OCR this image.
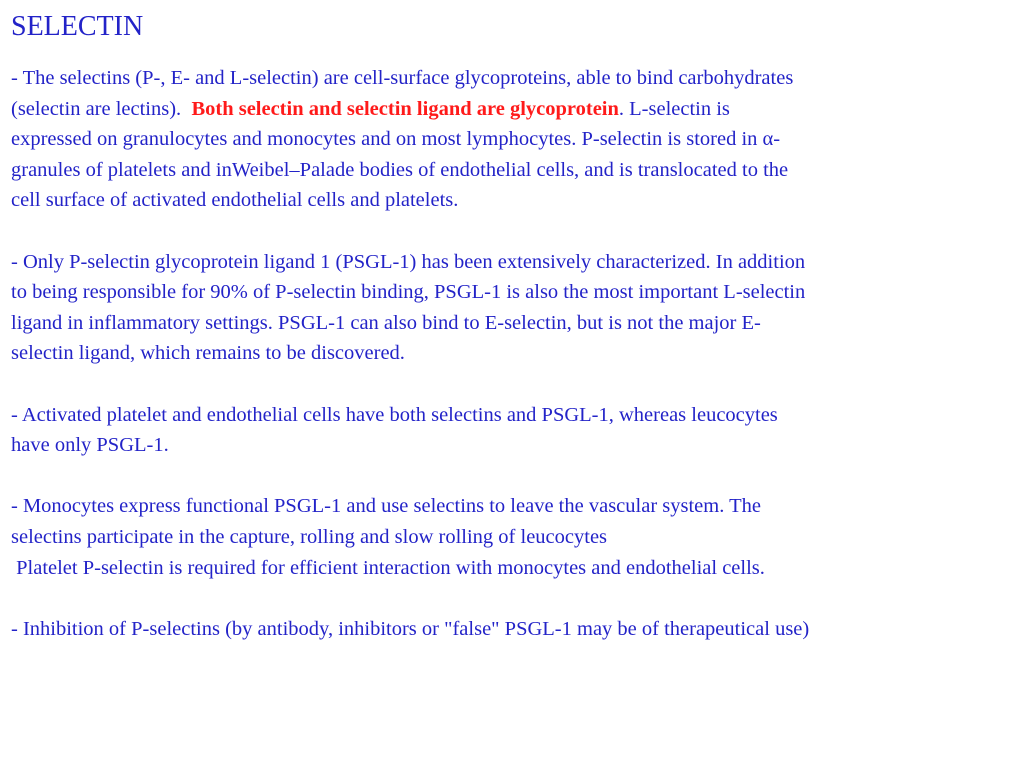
SELECTIN
- The selectins (P-, E- and L-selectin) are cell-surface glycoproteins, able to bind carbohydrates
(selectin are lectins).  Both selectin and selectin ligand are glycoprotein. L-selectin is
expressed on granulocytes and monocytes and on most lymphocytes. P-selectin is stored in α-
granules of platelets and inWeibel–Palade bodies of endothelial cells, and is translocated to the
cell surface of activated endothelial cells and platelets.
- Only P-selectin glycoprotein ligand 1 (PSGL-1) has been extensively characterized. In addition
to being responsible for 90% of P-selectin binding, PSGL-1 is also the most important L-selectin
ligand in inflammatory settings. PSGL-1 can also bind to E-selectin, but is not the major E-
selectin ligand, which remains to be discovered.
- Activated platelet and endothelial cells have both selectins and PSGL-1, whereas leucocytes
have only PSGL-1.
- Monocytes express functional PSGL-1 and use selectins to leave the vascular system. The
selectins participate in the capture, rolling and slow rolling of leucocytes
Platelet P-selectin is required for efficient interaction with monocytes and endothelial cells.
- Inhibition of P-selectins (by antibody, inhibitors or "false" PSGL-1 may be of therapeutical use)
